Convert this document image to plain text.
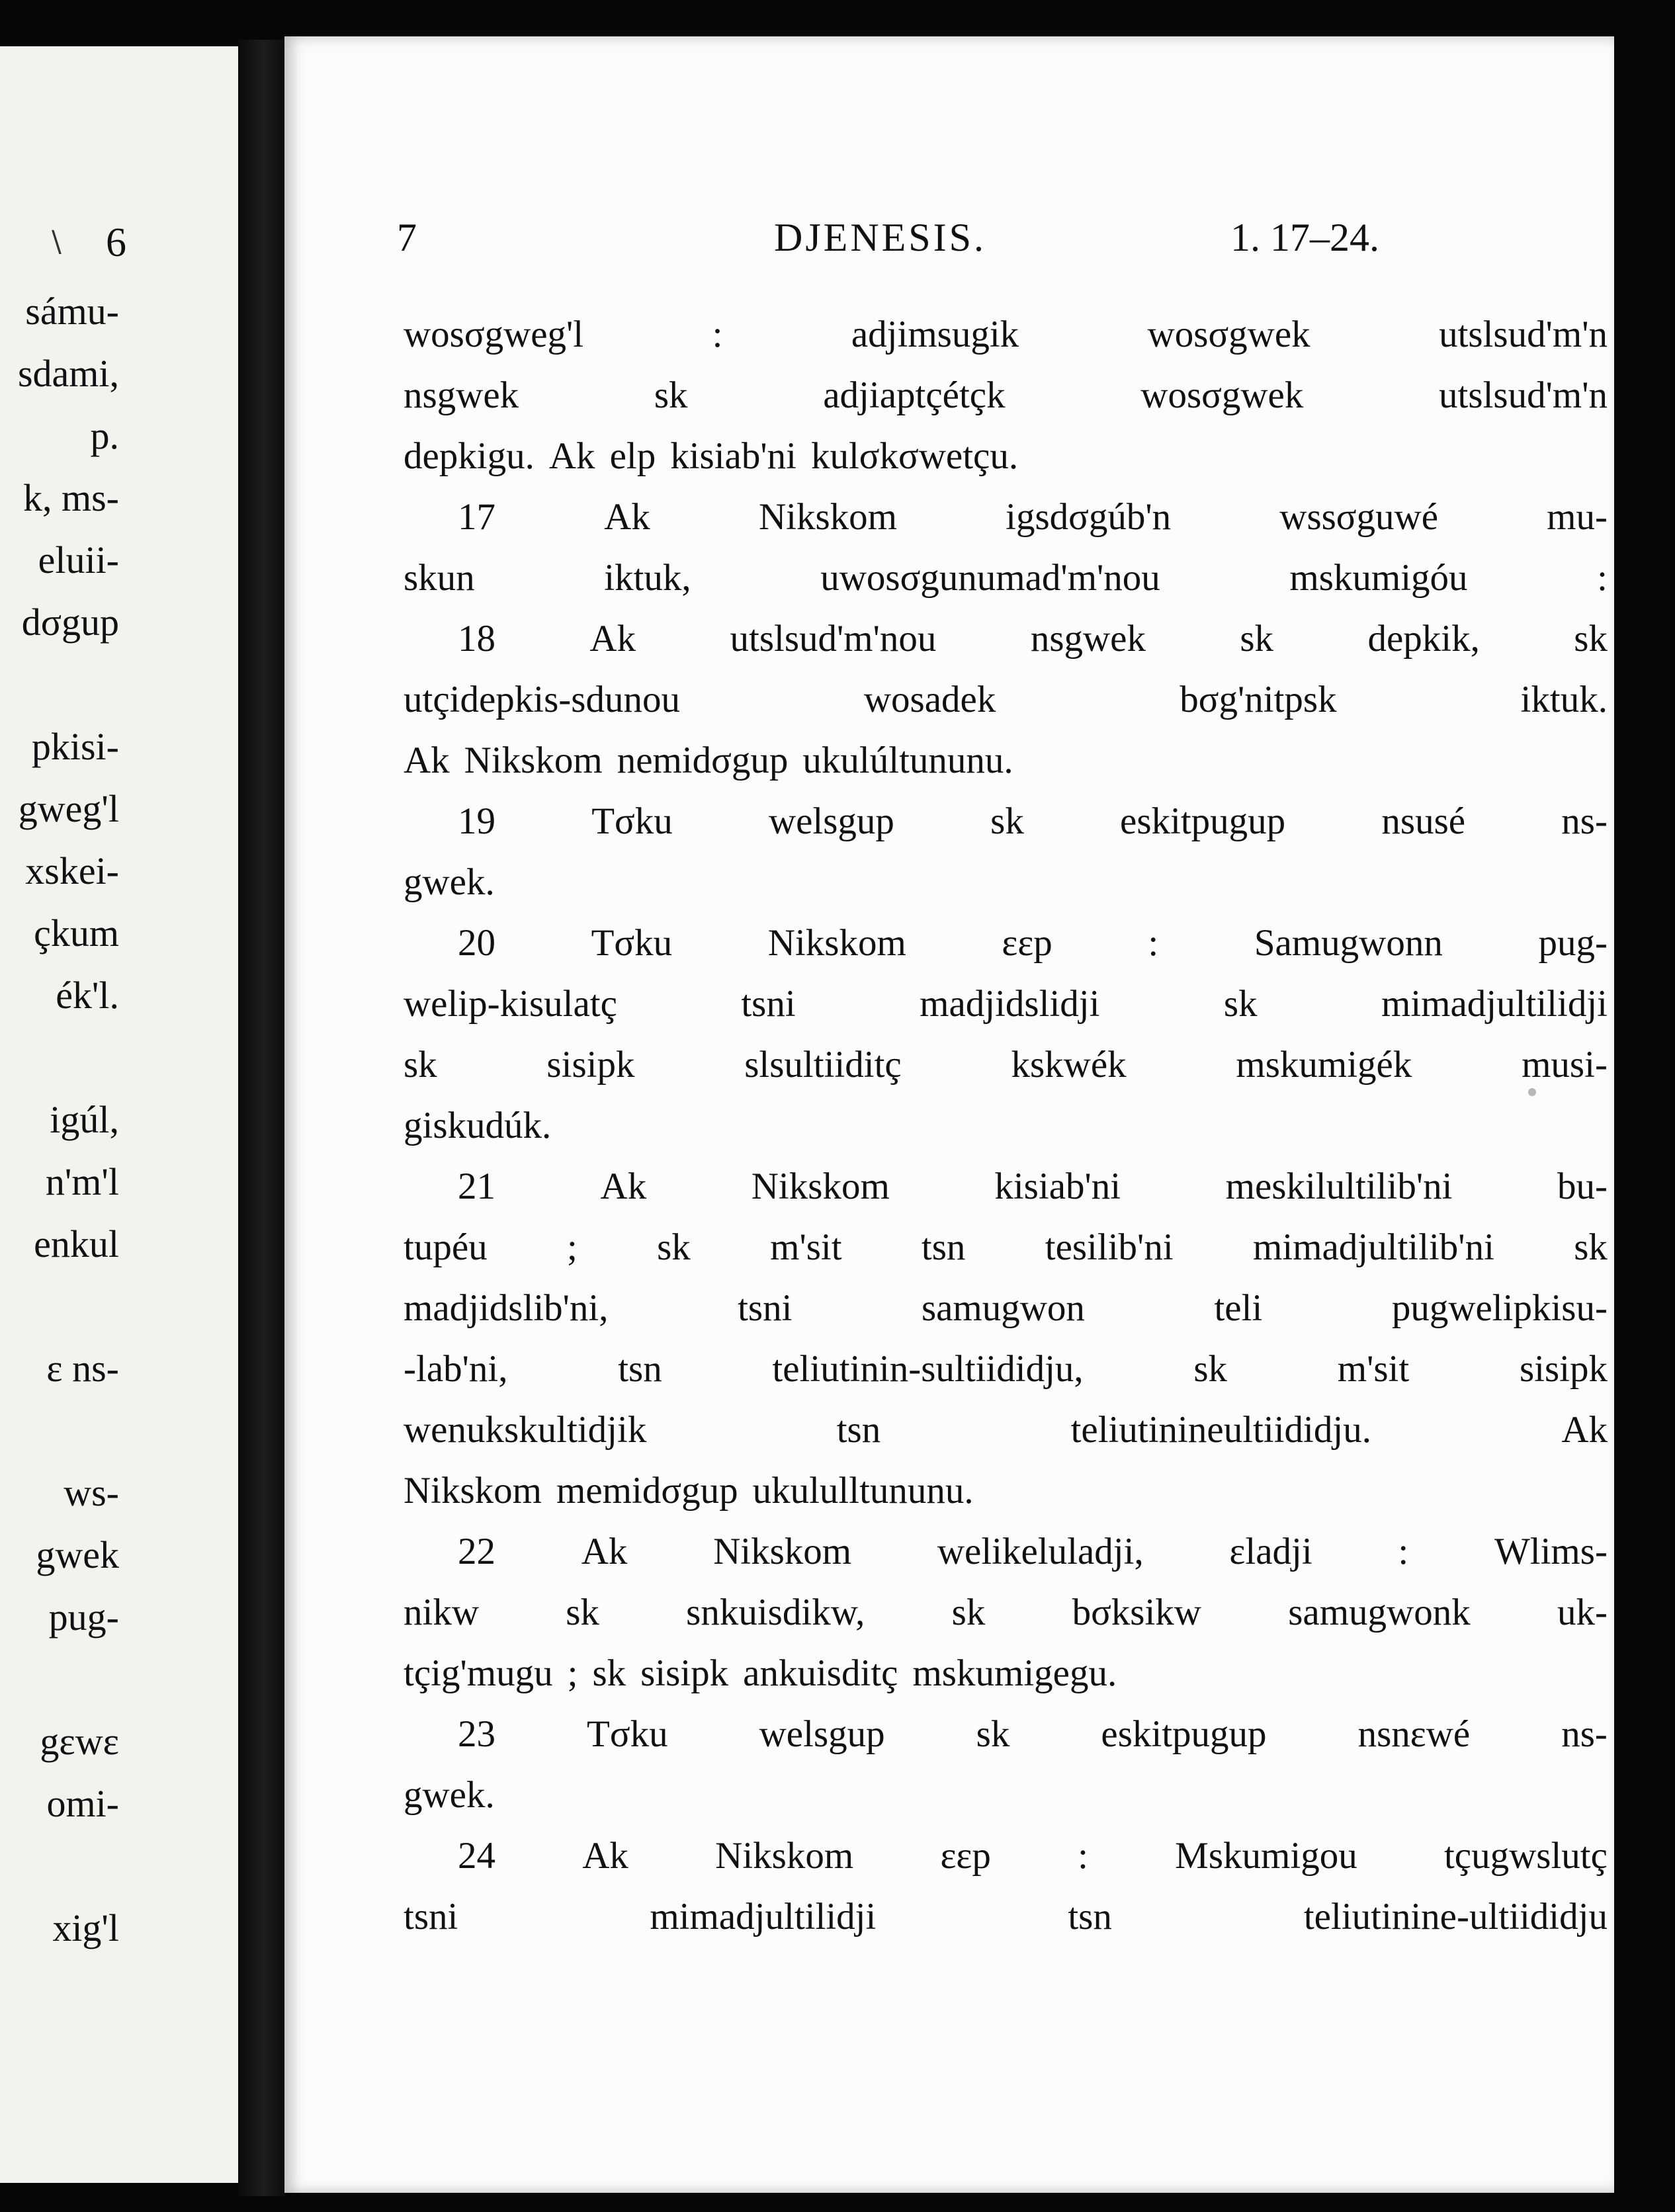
\ 6
sámu-
sdami,
p.
k, ms-
eluii-
dσgup
pkisi-
gweg'l
xskei-
çkum
ék'l.
igúl,
n'm'l
enkul
ε ns-
ws-
gwek
pug-
gεwε
omi-
xig'l
7	DJENESIS.	1. 17–24.
wosσgweg'l	:	adjimsugik	wosσgwek	utslsud'm'n
nsgwek	sk	adjiaptçétçk	wosσgwek	utslsud'm'n
depkigu. Ak elp kisiab'ni kulσkσwetçu.
17	Ak	Nikskom	igsdσgúb'n	wssσguwé	mu-
skun	iktuk,	uwosσgunumad'm'nou	mskumigóu	:
18 Ak utslsud'm'nou nsgwek sk depkik, sk
utçidepkis-sdunou	wosadek	bσg'nitpsk	iktuk.
Ak Nikskom nemidσgup ukulúltununu.
19	Tσku	welsgup	sk	eskitpugup	nsusé	ns-
gwek.
20	Tσku	Nikskom	εεp	:	Samugwonn	pug-
welip-kisulatç	tsni	madjidslidji	sk	mimadjultilidji
sk	sisipk	slsultiiditç	kskwék	mskumigék	musi-
giskudúk.
21	Ak	Nikskom	kisiab'ni	meskilultilib'ni	bu-
tupéu ; sk m'sit tsn tesilib'ni mimadjultilib'ni sk
madjidslib'ni,	tsni	samugwon	teli	pugwelipkisu-
-lab'ni,	tsn	teliutinin-sultiididju,	sk	m'sit	sisipk
wenukskultidjik	tsn	teliutinineultiididju.	Ak
Nikskom memidσgup ukululltununu.
22 Ak Nikskom welikeluladji, εladji : Wlims-
nikw sk snkuisdikw, sk bσksikw samugwonk uk-
tçig'mugu ; sk sisipk ankuisditç mskumigegu.
23 Tσku welsgup sk eskitpugup nsnεwé ns-
gwek.
24 Ak Nikskom εεp : Mskumigou tçugwslutç
tsni	mimadjultilidji	tsn	teliutinine-ultiididju
